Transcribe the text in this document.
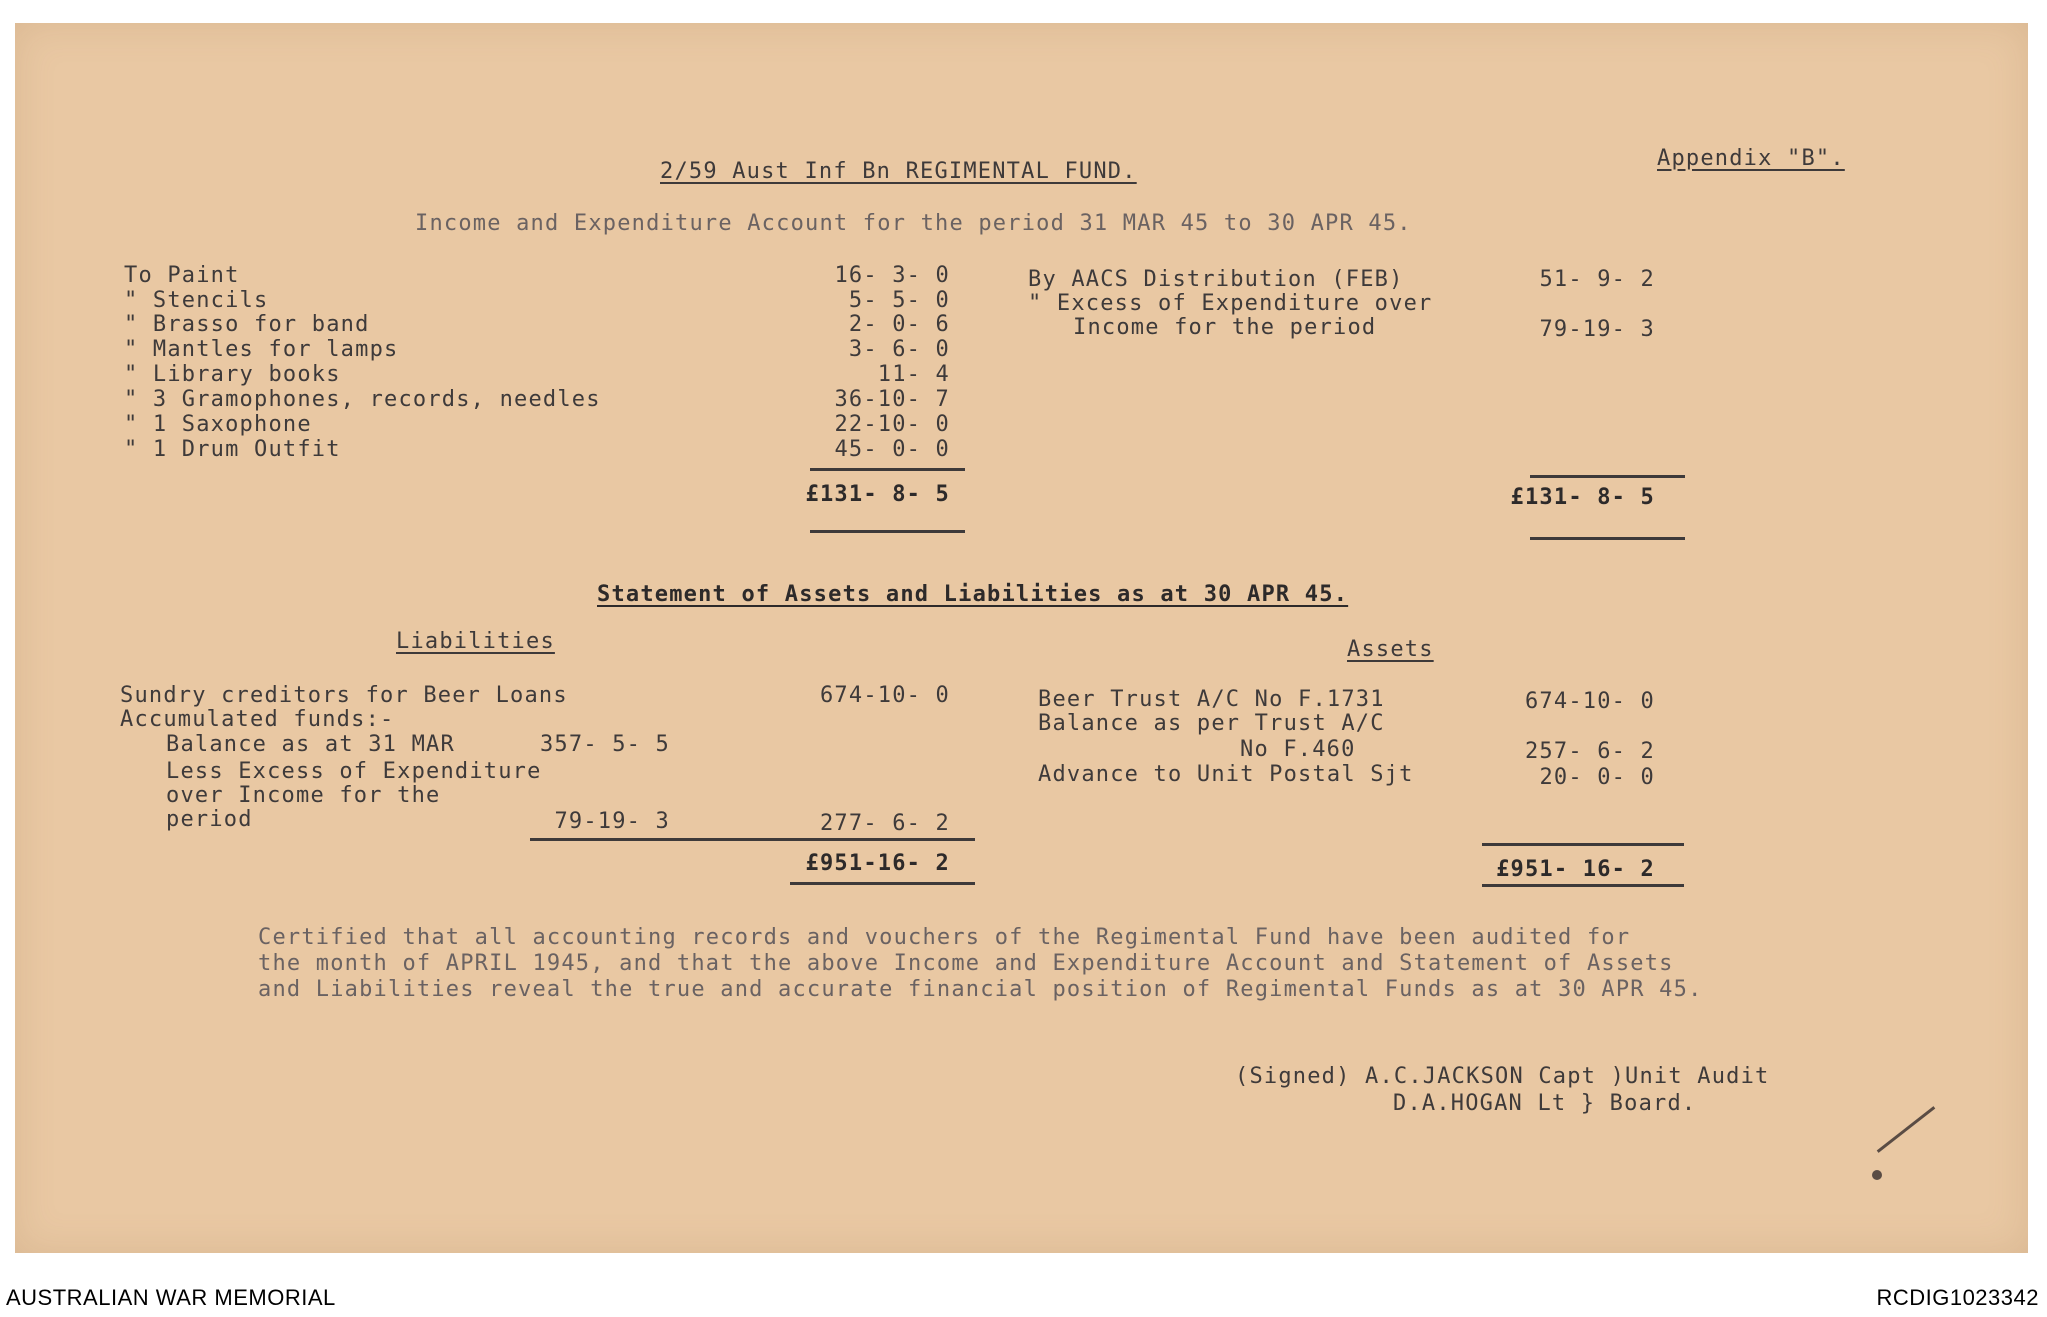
2/59 Aust Inf Bn REGIMENTAL FUND.
Appendix "B".
Income and Expenditure Account for the period 31 MAR 45 to 30 APR 45.
To Paint	16- 3- 0
" Stencils	5- 5- 0
" Brasso for band	2- 0- 6
" Mantles for lamps	3- 6- 0
" Library books	11- 4
" 3 Gramophones, records, needles	36-10- 7
" 1 Saxophone	22-10- 0
" 1 Drum Outfit	45- 0- 0
£131- 8- 5
By AACS Distribution (FEB)	51- 9- 2
" Excess of Expenditure over
Income for the period	79-19- 3
£131- 8- 5
Statement of Assets and Liabilities as at 30 APR 45.
Liabilities	Assets
Sundry creditors for Beer Loans	674-10- 0
Accumulated funds:-
Balance as at 31 MAR	357- 5- 5
Less Excess of Expenditure
over Income for the
period	79-19- 3	277- 6- 2
£951-16- 2
Beer Trust A/C No F.1731	674-10- 0
Balance as per Trust A/C
No F.460	257- 6- 2
Advance to Unit Postal Sjt	20- 0- 0
£951- 16- 2
Certified that all accounting records and vouchers of the Regimental Fund have been audited for
the month of APRIL 1945, and that the above Income and Expenditure Account and Statement of Assets
and Liabilities reveal the true and accurate financial position of Regimental Funds as at 30 APR 45.
(Signed) A.C.JACKSON Capt )Unit Audit
D.A.HOGAN Lt } Board.
AUSTRALIAN WAR MEMORIAL	RCDIG1023342
